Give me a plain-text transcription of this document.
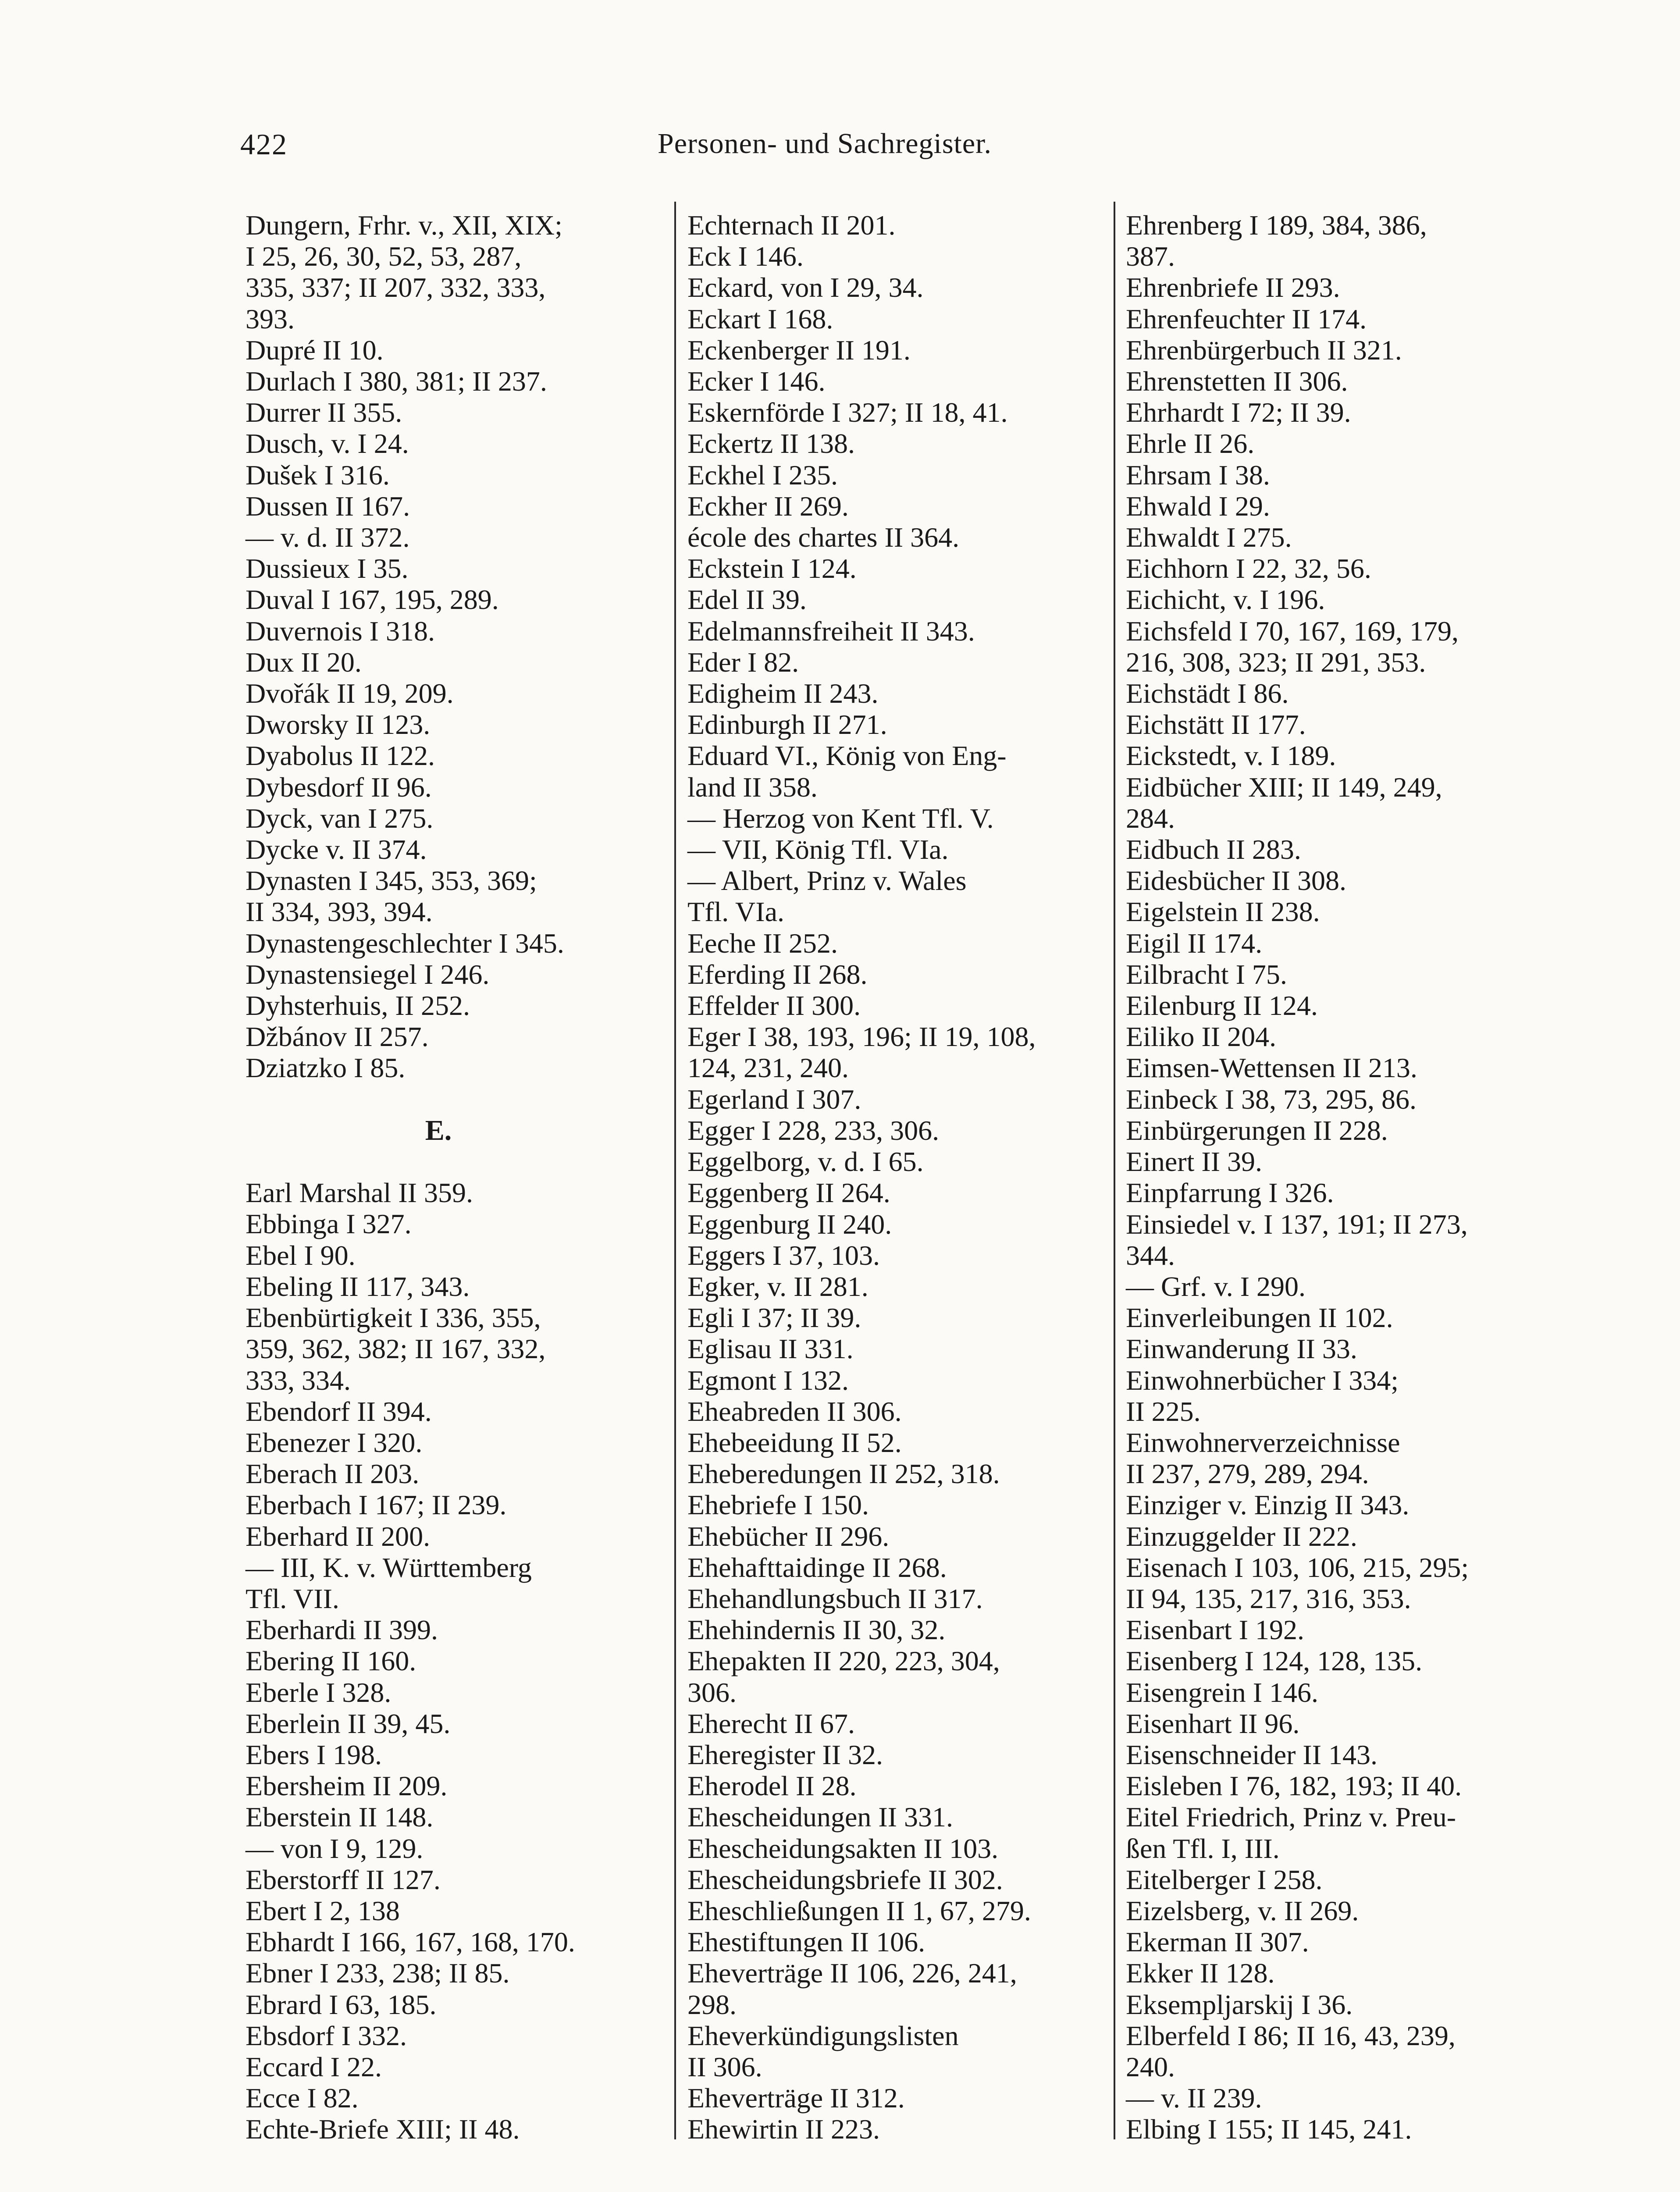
422	Personen- und Sachregister.
Dungern, Frhr. v., XII, XIX;
I 25, 26, 30, 52, 53, 287,
335, 337; II 207, 332, 333,
393.
Dupré II 10.
Durlach I 380, 381; II 237.
Durrer II 355.
Dusch, v. I 24.
Dušek I 316.
Dussen II 167.
— v. d. II 372.
Dussieux I 35.
Duval I 167, 195, 289.
Duvernois I 318.
Dux II 20.
Dvořák II 19, 209.
Dworsky II 123.
Dyabolus II 122.
Dybesdorf II 96.
Dyck, van I 275.
Dycke v. II 374.
Dynasten I 345, 353, 369;
II 334, 393, 394.
Dynastengeschlechter I 345.
Dynastensiegel I 246.
Dyhsterhuis, II 252.
Džbánov II 257.
Dziatzko I 85.
E.
Earl Marshal II 359.
Ebbinga I 327.
Ebel I 90.
Ebeling II 117, 343.
Ebenbürtigkeit I 336, 355,
359, 362, 382; II 167, 332,
333, 334.
Ebendorf II 394.
Ebenezer I 320.
Eberach II 203.
Eberbach I 167; II 239.
Eberhard II 200.
— III, K. v. Württemberg
Tfl. VII.
Eberhardi II 399.
Ebering II 160.
Eberle I 328.
Eberlein II 39, 45.
Ebers I 198.
Ebersheim II 209.
Eberstein II 148.
— von I 9, 129.
Eberstorff II 127.
Ebert I 2, 138
Ebhardt I 166, 167, 168, 170.
Ebner I 233, 238; II 85.
Ebrard I 63, 185.
Ebsdorf I 332.
Eccard I 22.
Ecce I 82.
Echte-Briefe XIII; II 48.
Echternach II 201.
Eck I 146.
Eckard, von I 29, 34.
Eckart I 168.
Eckenberger II 191.
Ecker I 146.
Eskernförde I 327; II 18, 41.
Eckertz II 138.
Eckhel I 235.
Eckher II 269.
école des chartes II 364.
Eckstein I 124.
Edel II 39.
Edelmannsfreiheit II 343.
Eder I 82.
Edigheim II 243.
Edinburgh II 271.
Eduard VI., König von Eng-
land II 358.
— Herzog von Kent Tfl. V.
— VII, König Tfl. VIa.
— Albert, Prinz v. Wales
Tfl. VIa.
Eeche II 252.
Eferding II 268.
Effelder II 300.
Eger I 38, 193, 196; II 19, 108,
124, 231, 240.
Egerland I 307.
Egger I 228, 233, 306.
Eggelborg, v. d. I 65.
Eggenberg II 264.
Eggenburg II 240.
Eggers I 37, 103.
Egker, v. II 281.
Egli I 37; II 39.
Eglisau II 331.
Egmont I 132.
Eheabreden II 306.
Ehebeeidung II 52.
Eheberedungen II 252, 318.
Ehebriefe I 150.
Ehebücher II 296.
Ehehafttaidinge II 268.
Ehehandlungsbuch II 317.
Ehehindernis II 30, 32.
Ehepakten II 220, 223, 304,
306.
Eherecht II 67.
Eheregister II 32.
Eherodel II 28.
Ehescheidungen II 331.
Ehescheidungsakten II 103.
Ehescheidungsbriefe II 302.
Eheschließungen II 1, 67, 279.
Ehestiftungen II 106.
Eheverträge II 106, 226, 241,
298.
Eheverkündigungslisten
II 306.
Eheverträge II 312.
Ehewirtin II 223.
Ehrenberg I 189, 384, 386,
387.
Ehrenbriefe II 293.
Ehrenfeuchter II 174.
Ehrenbürgerbuch II 321.
Ehrenstetten II 306.
Ehrhardt I 72; II 39.
Ehrle II 26.
Ehrsam I 38.
Ehwald I 29.
Ehwaldt I 275.
Eichhorn I 22, 32, 56.
Eichicht, v. I 196.
Eichsfeld I 70, 167, 169, 179,
216, 308, 323; II 291, 353.
Eichstädt I 86.
Eichstätt II 177.
Eickstedt, v. I 189.
Eidbücher XIII; II 149, 249,
284.
Eidbuch II 283.
Eidesbücher II 308.
Eigelstein II 238.
Eigil II 174.
Eilbracht I 75.
Eilenburg II 124.
Eiliko II 204.
Eimsen-Wettensen II 213.
Einbeck I 38, 73, 295, 86.
Einbürgerungen II 228.
Einert II 39.
Einpfarrung I 326.
Einsiedel v. I 137, 191; II 273,
344.
— Grf. v. I 290.
Einverleibungen II 102.
Einwanderung II 33.
Einwohnerbücher I 334;
II 225.
Einwohnerverzeichnisse
II 237, 279, 289, 294.
Einziger v. Einzig II 343.
Einzuggelder II 222.
Eisenach I 103, 106, 215, 295;
II 94, 135, 217, 316, 353.
Eisenbart I 192.
Eisenberg I 124, 128, 135.
Eisengrein I 146.
Eisenhart II 96.
Eisenschneider II 143.
Eisleben I 76, 182, 193; II 40.
Eitel Friedrich, Prinz v. Preu-
ßen Tfl. I, III.
Eitelberger I 258.
Eizelsberg, v. II 269.
Ekerman II 307.
Ekker II 128.
Eksempljarskij I 36.
Elberfeld I 86; II 16, 43, 239,
240.
— v. II 239.
Elbing I 155; II 145, 241.
